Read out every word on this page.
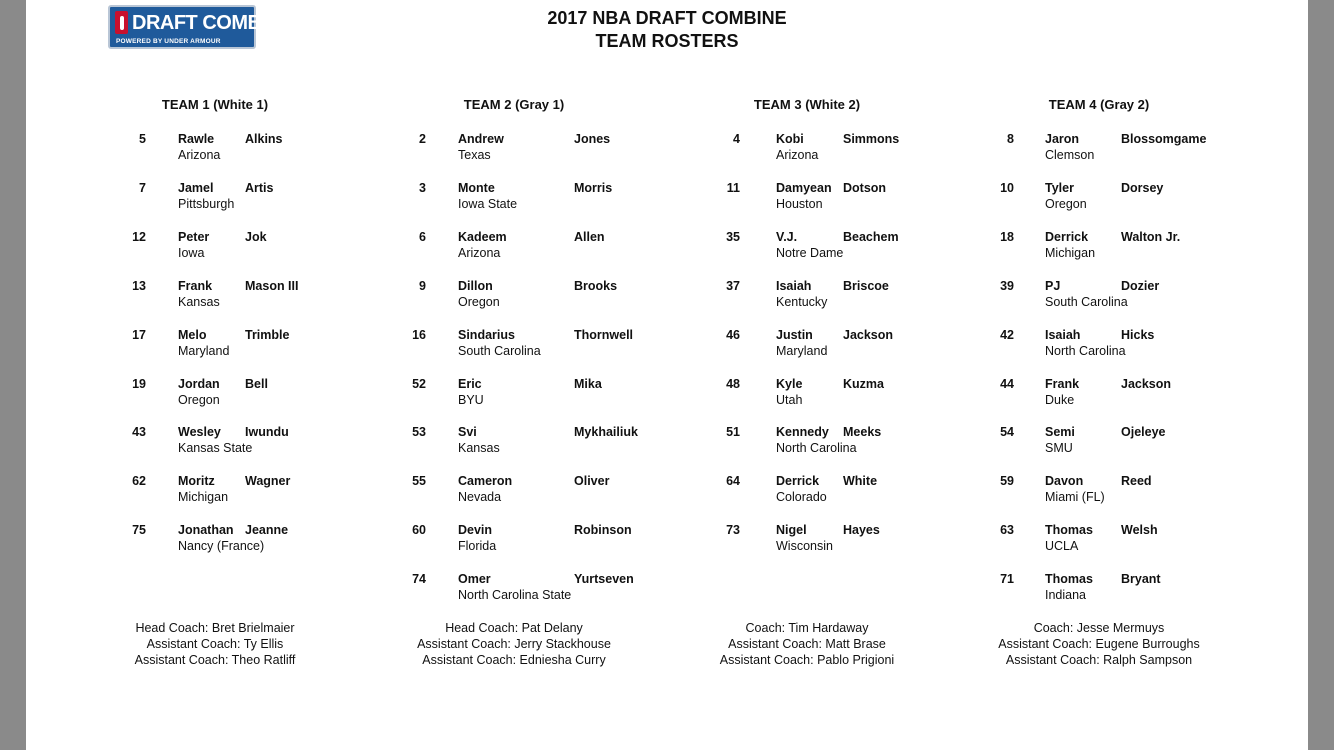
DRAFT COMBINE
POWERED BY UNDER ARMOUR
2017 NBA DRAFT COMBINE
TEAM ROSTERS
TEAM 1 (White 1)
5	Rawle Alkins
Arizona
7	Jamel	Artis
Pittsburgh
12	Peter	Jok
Iowa
13	Frank	Mason III
Kansas
17	Melo	Trimble
Maryland
19	Jordan Bell
Oregon
43	Wesley Iwundu
Kansas State
62	Moritz Wagner
Michigan
75	Jonathan Jeanne
Nancy (France)
Head Coach: Bret Brielmaier
Assistant Coach: Ty Ellis
Assistant Coach: Theo Ratliff
TEAM 2 (Gray 1)
2	Andrew	Jones
Texas
3	Monte	Morris
Iowa State
6	Kadeem	Allen
Arizona
9	Dillon	Brooks
Oregon
16	Sindarius	Thornwell
South Carolina
52	Eric	Mika
BYU
53	Svi	Mykhailiuk
Kansas
55	Cameron	Oliver
Nevada
60	Devin	Robinson
Florida
74	Omer	Yurtseven
North Carolina State
Head Coach: Pat Delany
Assistant Coach: Jerry Stackhouse
Assistant Coach: Edniesha Curry
TEAM 3 (White 2)
4	Kobi	Simmons
Arizona
11	Damyean Dotson
Houston
35	V.J.	Beachem
Notre Dame
37	Isaiah	Briscoe
Kentucky
46	Justin Jackson
Maryland
48	Kyle	Kuzma
Utah
51	Kennedy Meeks
North Carolina
64	Derrick White
Colorado
73	Nigel	Hayes
Wisconsin
Coach: Tim Hardaway
Assistant Coach: Matt Brase
Assistant Coach: Pablo Prigioni
TEAM 4 (Gray 2)
8 Jaron	Blossomgame
Clemson
10 Tyler	Dorsey
Oregon
18 Derrick	Walton Jr.
Michigan
39 PJ	Dozier
South Carolina
42 Isaiah	Hicks
North Carolina
44 Frank	Jackson
Duke
54 Semi	Ojeleye
SMU
59 Davon	Reed
Miami (FL)
63 Thomas Welsh
UCLA
71 Thomas Bryant
Indiana
Coach: Jesse Mermuys
Assistant Coach: Eugene Burroughs
Assistant Coach: Ralph Sampson
